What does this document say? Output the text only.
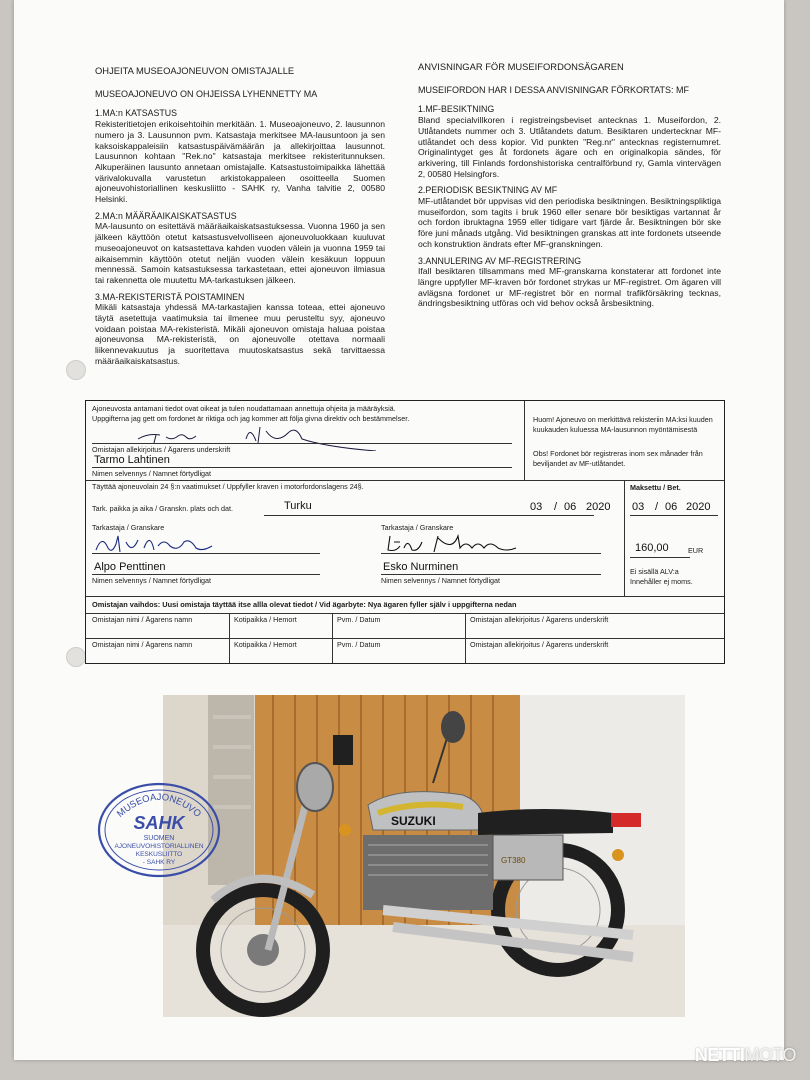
OHJEITA MUSEOAJONEUVON OMISTAJALLE
MUSEOAJONEUVO ON OHJEISSA LYHENNETTY MA
1.MA:n KATSASTUS

Rekisteritietojen erikoisehtoihin merkitään. 1. Museoajoneuvo, 2. lausunnon numero ja 3. Lausunnon pvm. Katsastaja merkitsee MA-lausuntoon ja sen kaksoiskappaleisiin katsastuspäivämäärän ja allekirjoittaa lausunnot. Lausunnon kohtaan "Rek.no" katsastaja merkitsee rekisteritunnuksen. Alkuperäinen lausunto annetaan omistajalle. Katsastustoimipaikka lähettää värivalokuvalla varustetun arkistokappaleen osoitteella Suomen ajoneuvohistoriallinen keskusliitto - SAHK ry, Vanha talvitie 2, 00580 Helsinki.

2.MA:n MÄÄRÄAIKAISKATSASTUS

MA-lausunto on esitettävä määräaikaiskatsastuksessa. Vuonna 1960 ja sen jälkeen käyttöön otetut katsastusvelvolliseen ajoneuvoluokkaan kuuluvat museoajoneuvot on katsastettava kahden vuoden välein ja vuonna 1959 tai aikaisemmin käyttöön otetut neljän vuoden välein kesäkuun loppuun mennessä. Samoin katsastuksessa tarkastetaan, ettei ajoneuvon ilmiasua tai rakennetta ole muutettu MA-tarkastuksen jälkeen.

3.MA-REKISTERISTÄ POISTAMINEN

Mikäli katsastaja yhdessä MA-tarkastajien kanssa toteaa, ettei ajoneuvo täytä asetettuja vaatimuksia tai ilmenee muu perusteltu syy, ajoneuvo voidaan poistaa MA-rekisteristä. Mikäli ajoneuvon omistaja haluaa poistaa ajoneuvonsa MA-rekisteristä, on ajoneuvolle otettava normaali liikennevakuutus ja suoritettava muutoskatsastus sekä tarvittaessa määräaikaiskatsastus.

ANVISNINGAR FÖR MUSEIFORDONSÄGAREN
MUSEIFORDON HAR I DESSA ANVISNINGAR FÖRKORTATS: MF
1.MF-BESIKTNING

Bland specialvillkoren i registreingsbeviset antecknas 1. Museifordon, 2. Utlåtandets nummer och 3. Utlåtandets datum. Besiktaren undertecknar MF-utlåtandet och dess kopior. Vid punkten "Reg.nr" antecknas registernumret. Originalintyget ges åt fordonets ägare och en originalkopia sändes, för arkivering, till Finlands fordonshistoriska centralförbund ry, Gamla vintervägen 2, 00580 Helsingfors.

2.PERIODISK BESIKTNING AV MF

MF-utlåtandet bör uppvisas vid den periodiska besiktningen. Besiktningspliktiga museifordon, som tagits i bruk 1960 eller senare bör besiktigas vartannat år och fordon ibruktagna 1959 eller tidigare vart fjärde år. Besiktningen bör ske före juni månads utgång. Vid besiktningen granskas att inte fordonets utseende och konstruktion ändrats efter MF-granskningen.

3.ANNULERING AV MF-REGISTRERING

Ifall besiktaren tillsammans med MF-granskarna konstaterar att fordonet inte längre uppfyller MF-kraven bör fordonet strykas ur MF-registret. Om ägaren vill avlägsna fordonet ur MF-registret bör en normal trafikförsäkring tecknas, ändringsbesiktning utföras och vid behov också årsbesiktning.

Ajoneuvosta antamani tiedot ovat oikeat ja tulen noudattamaan annettuja ohjeita ja määräyksiä.
Uppgifterna jag gett om fordonet är riktiga och jag kommer att följa givna direktiv och bestämmelser.
Omistajan allekirjoitus / Ägarens underskrift
Tarmo Lahtinen
Nimen selvennys / Namnet förtydligat
Huom! Ajoneuvo on merkittävä rekisteriin MA:ksi kuuden kuukauden kuluessa MA-lausunnon myöntämisestä
Obs! Fordonet bör registreras inom sex månader från beviljandet av MF-utlåtandet.
Täyttää ajoneuvolain 24 §:n vaatimukset / Uppfyller kraven i motorfordonslagens 24§.
Tark. paikka ja aika / Granskn. plats och dat.	Turku	03 / 06 2020
Tarkastaja / Granskare
Alpo Penttinen
Nimen selvennys / Namnet förtydligat
Tarkastaja / Granskare
Esko Nurminen
Nimen selvennys / Namnet förtydligat
Maksettu / Bet.
03 / 06 2020
160,00	EUR
Ei sisällä ALV:a
Innehåller ej moms.
Omistajan vaihdos: Uusi omistaja täyttää itse allla olevat tiedot / Vid ägarbyte: Nya ägaren fyller själv i uppgifterna nedan
Omistajan nimi / Ägarens namn	Kotipaikka / Hemort	Pvm. / Datum	Omistajan allekirjoitus / Ägarens underskrift
Omistajan nimi / Ägarens namn	Kotipaikka / Hemort	Pvm. / Datum	Omistajan allekirjoitus / Ägarens underskrift
SUZUKI
GT380
MUSEOAJONEUVO
SAHK
SUOMEN
AJONEUVOHISTORIALLINEN
KESKUSLIITTO
- SAHK RY
NETTIMOTO
